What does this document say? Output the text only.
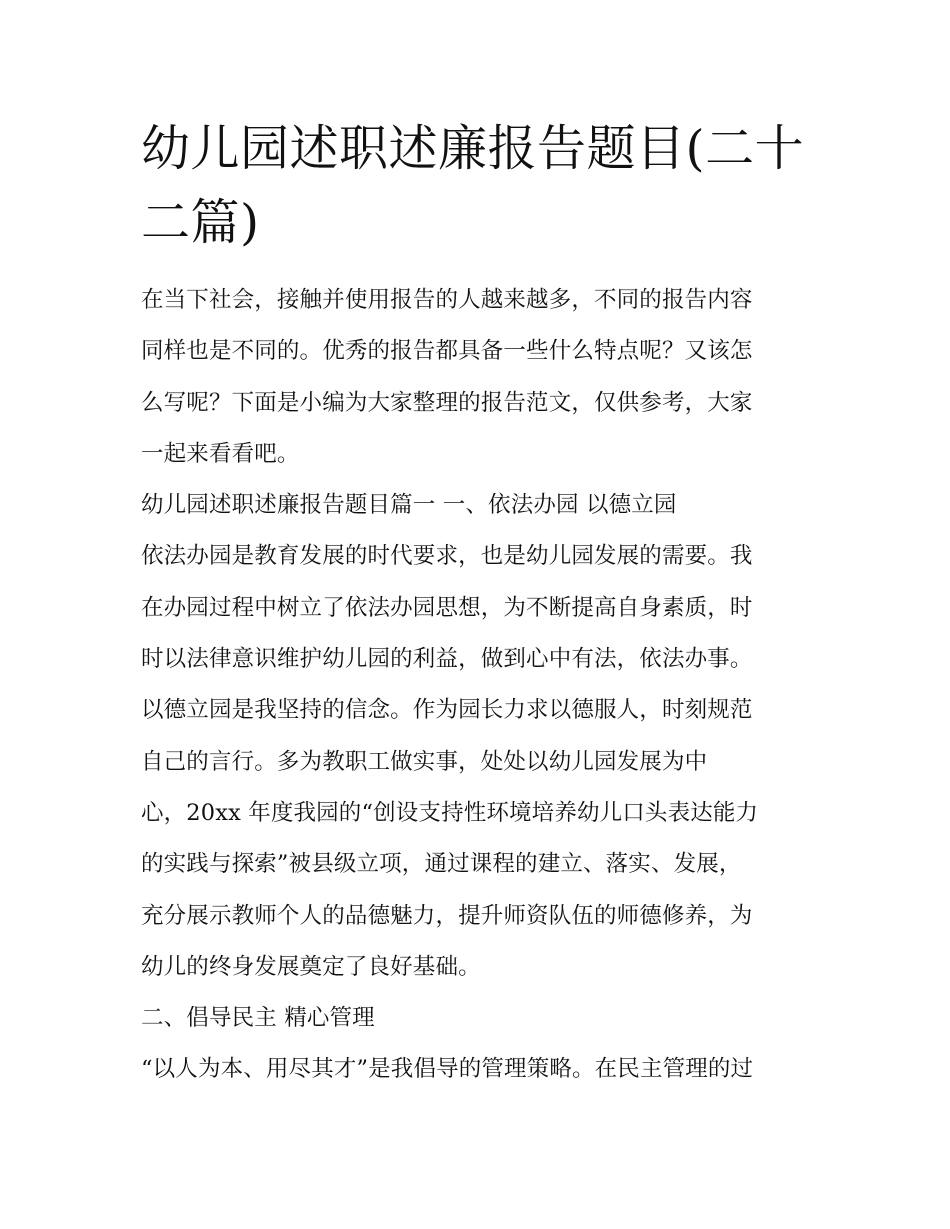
幼儿园述职述廉报告题目(二十
二篇)
在当下社会，接触并使用报告的人越来越多，不同的报告内容
同样也是不同的。优秀的报告都具备一些什么特点呢？又该怎
么写呢？下面是小编为大家整理的报告范文，仅供参考，大家
一起来看看吧。
幼儿园述职述廉报告题目篇一 一、依法办园 以德立园
依法办园是教育发展的时代要求，也是幼儿园发展的需要。我
在办园过程中树立了依法办园思想，为不断提高自身素质，时
时以法律意识维护幼儿园的利益，做到心中有法，依法办事。
以德立园是我坚持的信念。作为园长力求以德服人，时刻规范
自己的言行。多为教职工做实事，处处以幼儿园发展为中
心，20xx 年度我园的“创设支持性环境培养幼儿口头表达能力
的实践与探索”被县级立项，通过课程的建立、落实、发展，
充分展示教师个人的品德魅力，提升师资队伍的师德修养，为
幼儿的终身发展奠定了良好基础。
二、倡导民主 精心管理
“以人为本、用尽其才”是我倡导的管理策略。在民主管理的过
